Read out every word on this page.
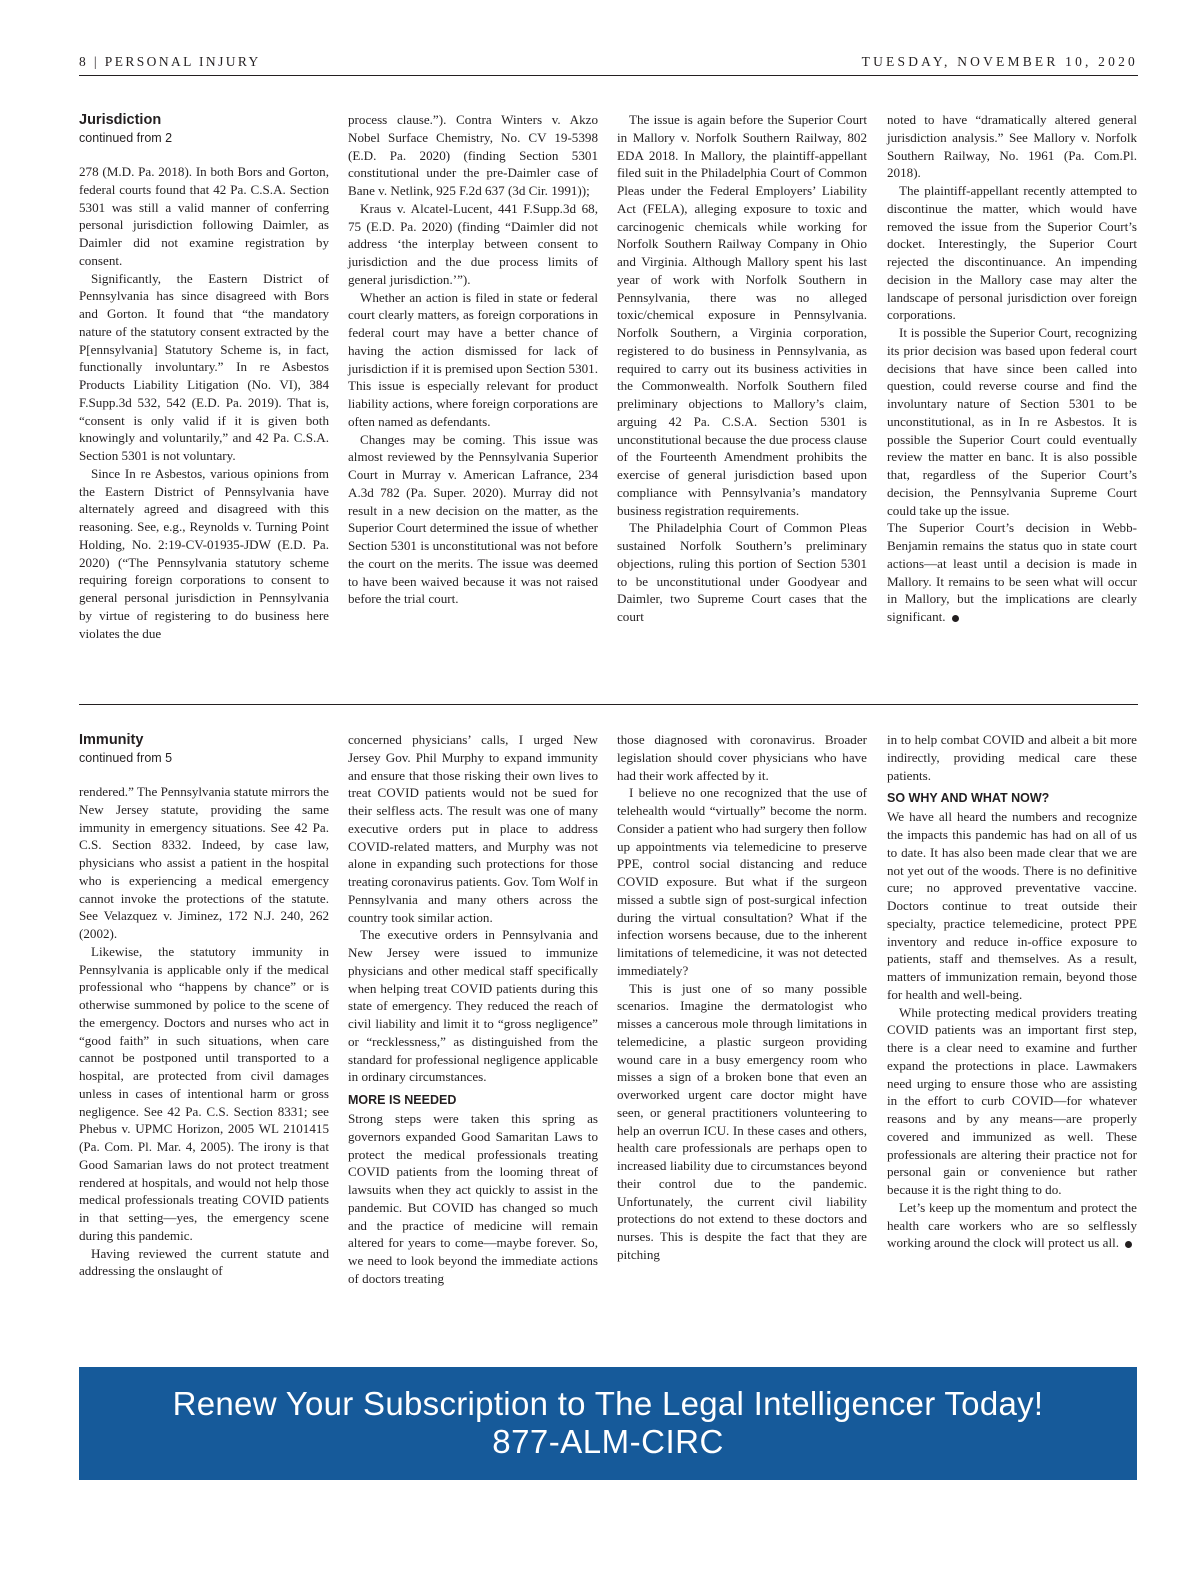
8 | PERSONAL INJURY	TUESDAY, NOVEMBER 10, 2020
Jurisdiction
continued from 2

278 (M.D. Pa. 2018). In both Bors and Gorton, federal courts found that 42 Pa. C.S.A. Section 5301 was still a valid manner of conferring personal jurisdiction following Daimler, as Daimler did not examine registration by consent.

Significantly, the Eastern District of Pennsylvania has since disagreed with Bors and Gorton. It found that “the mandatory nature of the statutory consent extracted by the P[ennsylvania] Statutory Scheme is, in fact, functionally involuntary.” In re Asbestos Products Liability Litigation (No. VI), 384 F.Supp.3d 532, 542 (E.D. Pa. 2019). That is, “consent is only valid if it is given both knowingly and voluntarily,” and 42 Pa. C.S.A. Section 5301 is not voluntary.

Since In re Asbestos, various opinions from the Eastern District of Pennsylvania have alternately agreed and disagreed with this reasoning. See, e.g., Reynolds v. Turning Point Holding, No. 2:19-CV-01935-JDW (E.D. Pa. 2020) (“The Pennsylvania statutory scheme requiring foreign corporations to consent to general personal jurisdiction in Pennsylvania by virtue of registering to do business here violates the due

process clause.”). Contra Winters v. Akzo Nobel Surface Chemistry, No. CV 19-5398 (E.D. Pa. 2020) (finding Section 5301 constitutional under the pre-Daimler case of Bane v. Netlink, 925 F.2d 637 (3d Cir. 1991));

Kraus v. Alcatel-Lucent, 441 F.Supp.3d 68, 75 (E.D. Pa. 2020) (finding “Daimler did not address ‘the interplay between consent to jurisdiction and the due process limits of general jurisdiction.’”).

Whether an action is filed in state or federal court clearly matters, as foreign corporations in federal court may have a better chance of having the action dismissed for lack of jurisdiction if it is premised upon Section 5301. This issue is especially relevant for product liability actions, where foreign corporations are often named as defendants.

Changes may be coming. This issue was almost reviewed by the Pennsylvania Superior Court in Murray v. American Lafrance, 234 A.3d 782 (Pa. Super. 2020). Murray did not result in a new decision on the matter, as the Superior Court determined the issue of whether Section 5301 is unconstitutional was not before the court on the merits. The issue was deemed to have been waived because it was not raised before the trial court.

The issue is again before the Superior Court in Mallory v. Norfolk Southern Railway, 802 EDA 2018. In Mallory, the plaintiff-appellant filed suit in the Philadelphia Court of Common Pleas under the Federal Employers’ Liability Act (FELA), alleging exposure to toxic and carcinogenic chemicals while working for Norfolk Southern Railway Company in Ohio and Virginia. Although Mallory spent his last year of work with Norfolk Southern in Pennsylvania, there was no alleged toxic/chemical exposure in Pennsylvania. Norfolk Southern, a Virginia corporation, registered to do business in Pennsylvania, as required to carry out its business activities in the Commonwealth. Norfolk Southern filed preliminary objections to Mallory’s claim, arguing 42 Pa. C.S.A. Section 5301 is unconstitutional because the due process clause of the Fourteenth Amendment prohibits the exercise of general jurisdiction based upon compliance with Pennsylvania’s mandatory business registration requirements.

The Philadelphia Court of Common Pleas sustained Norfolk Southern’s preliminary objections, ruling this portion of Section 5301 to be unconstitutional under Goodyear and Daimler, two Supreme Court cases that the court

noted to have “dramatically altered general jurisdiction analysis.” See Mallory v. Norfolk Southern Railway, No. 1961 (Pa. Com.Pl. 2018).

The plaintiff-appellant recently attempted to discontinue the matter, which would have removed the issue from the Superior Court’s docket. Interestingly, the Superior Court rejected the discontinuance. An impending decision in the Mallory case may alter the landscape of personal jurisdiction over foreign corporations.

It is possible the Superior Court, recognizing its prior decision was based upon federal court decisions that have since been called into question, could reverse course and find the involuntary nature of Section 5301 to be unconstitutional, as in In re Asbestos. It is possible the Superior Court could eventually review the matter en banc. It is also possible that, regardless of the Superior Court’s decision, the Pennsylvania Supreme Court could take up the issue.

The Superior Court’s decision in Webb-Benjamin remains the status quo in state court actions—at least until a decision is made in Mallory. It remains to be seen what will occur in Mallory, but the implications are clearly significant.

Immunity
continued from 5

rendered.” The Pennsylvania statute mirrors the New Jersey statute, providing the same immunity in emergency situations. See 42 Pa. C.S. Section 8332. Indeed, by case law, physicians who assist a patient in the hospital who is experiencing a medical emergency cannot invoke the protections of the statute. See Velazquez v. Jiminez, 172 N.J. 240, 262 (2002).

Likewise, the statutory immunity in Pennsylvania is applicable only if the medical professional who “happens by chance” or is otherwise summoned by police to the scene of the emergency. Doctors and nurses who act in “good faith” in such situations, when care cannot be postponed until transported to a hospital, are protected from civil damages unless in cases of intentional harm or gross negligence. See 42 Pa. C.S. Section 8331; see Phebus v. UPMC Horizon, 2005 WL 2101415 (Pa. Com. Pl. Mar. 4, 2005). The irony is that Good Samarian laws do not protect treatment rendered at hospitals, and would not help those medical professionals treating COVID patients in that setting—yes, the emergency scene during this pandemic.

Having reviewed the current statute and addressing the onslaught of

concerned physicians’ calls, I urged New Jersey Gov. Phil Murphy to expand immunity and ensure that those risking their own lives to treat COVID patients would not be sued for their selfless acts. The result was one of many executive orders put in place to address COVID-related matters, and Murphy was not alone in expanding such protections for those treating coronavirus patients. Gov. Tom Wolf in Pennsylvania and many others across the country took similar action.

The executive orders in Pennsylvania and New Jersey were issued to immunize physicians and other medical staff specifically when helping treat COVID patients during this state of emergency. They reduced the reach of civil liability and limit it to “gross negligence” or “recklessness,” as distinguished from the standard for professional negligence applicable in ordinary circumstances.

MORE IS NEEDED

Strong steps were taken this spring as governors expanded Good Samaritan Laws to protect the medical professionals treating COVID patients from the looming threat of lawsuits when they act quickly to assist in the pandemic. But COVID has changed so much and the practice of medicine will remain altered for years to come—maybe forever. So, we need to look beyond the immediate actions of doctors treating

those diagnosed with coronavirus. Broader legislation should cover physicians who have had their work affected by it.

I believe no one recognized that the use of telehealth would “virtually” become the norm. Consider a patient who had surgery then follow up appointments via telemedicine to preserve PPE, control social distancing and reduce COVID exposure. But what if the surgeon missed a subtle sign of post-surgical infection during the virtual consultation? What if the infection worsens because, due to the inherent limitations of telemedicine, it was not detected immediately?

This is just one of so many possible scenarios. Imagine the dermatologist who misses a cancerous mole through limitations in telemedicine, a plastic surgeon providing wound care in a busy emergency room who misses a sign of a broken bone that even an overworked urgent care doctor might have seen, or general practitioners volunteering to help an overrun ICU. In these cases and others, health care professionals are perhaps open to increased liability due to circumstances beyond their control due to the pandemic. Unfortunately, the current civil liability protections do not extend to these doctors and nurses. This is despite the fact that they are pitching

in to help combat COVID and albeit a bit more indirectly, providing medical care these patients.

SO WHY AND WHAT NOW?

We have all heard the numbers and recognize the impacts this pandemic has had on all of us to date. It has also been made clear that we are not yet out of the woods. There is no definitive cure; no approved preventative vaccine. Doctors continue to treat outside their specialty, practice telemedicine, protect PPE inventory and reduce in-office exposure to patients, staff and themselves. As a result, matters of immunization remain, beyond those for health and well-being.

While protecting medical providers treating COVID patients was an important first step, there is a clear need to examine and further expand the protections in place. Lawmakers need urging to ensure those who are assisting in the effort to curb COVID—for whatever reasons and by any means—are properly covered and immunized as well. These professionals are altering their practice not for personal gain or convenience but rather because it is the right thing to do.

Let’s keep up the momentum and protect the health care workers who are so selflessly working around the clock will protect us all.

Renew Your Subscription to The Legal Intelligencer Today!
877-ALM-CIRC
